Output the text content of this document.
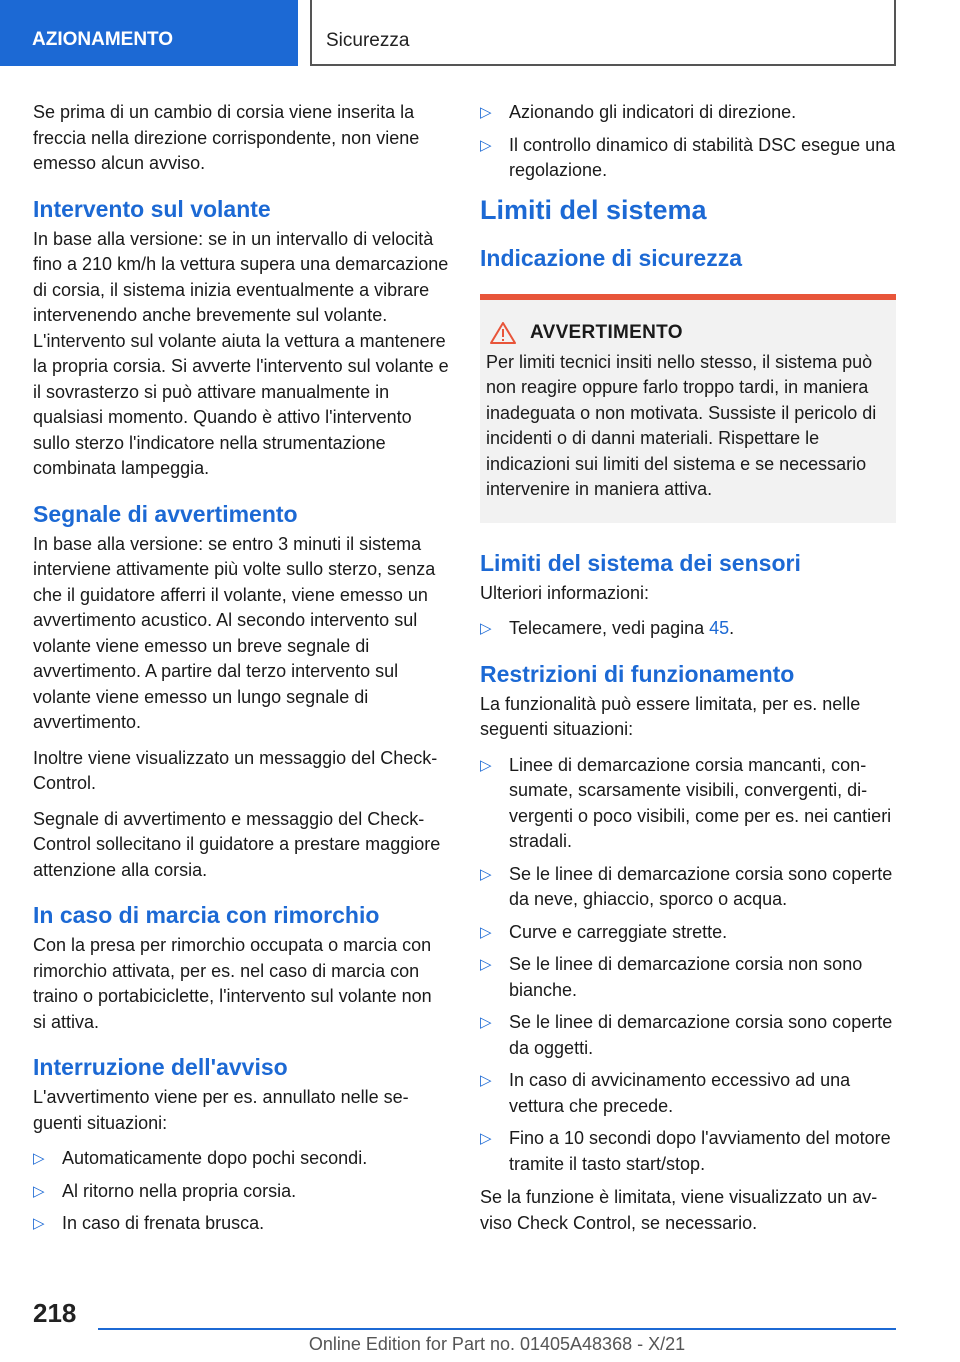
AZIONAMENTO	Sicurezza

Se prima di un cambio di corsia viene inserita la freccia nella direzione corrispondente, non viene emesso alcun avviso.

Intervento sul volante

In base alla versione: se in un intervallo di velocità fino a 210 km/h la vettura supera una demarcazione di corsia, il sistema inizia eventualmente a vibrare intervenendo anche brevemente sul volante. L'intervento sul volante aiuta la vettura a mantenere la propria corsia. Si avverte l'intervento sul volante e il sovrasterzo si può attivare manualmente in qualsiasi momento. Quando è attivo l'intervento sullo sterzo l'indicatore nella strumentazione combinata lampeggia.

Segnale di avvertimento

In base alla versione: se entro 3 minuti il sistema interviene attivamente più volte sullo sterzo, senza che il guidatore afferri il volante, viene emesso un avvertimento acustico. Al secondo intervento sul volante viene emesso un breve segnale di avvertimento. A partire dal terzo intervento sul volante viene emesso un lungo segnale di avvertimento.

Inoltre viene visualizzato un messaggio del Check-Control.

Segnale di avvertimento e messaggio del Check-Control sollecitano il guidatore a prestare maggiore attenzione alla corsia.

In caso di marcia con rimorchio

Con la presa per rimorchio occupata o marcia con rimorchio attivata, per es. nel caso di marcia con traino o portabiciclette, l'intervento sul volante non si attiva.

Interruzione dell'avviso

L'avvertimento viene per es. annullato nelle seguenti situazioni:

▷ Automaticamente dopo pochi secondi.
▷ Al ritorno nella propria corsia.
▷ In caso di frenata brusca.
▷ Azionando gli indicatori di direzione.
▷ Il controllo dinamico di stabilità DSC esegue una regolazione.
Limiti del sistema
Indicazione di sicurezza
AVVERTIMENTO

Per limiti tecnici insiti nello stesso, il sistema può non reagire oppure farlo troppo tardi, in maniera inadeguata o non motivata. Sussiste il pericolo di incidenti o di danni materiali. Rispettare le indicazioni sui limiti del sistema e se necessario intervenire in maniera attiva.

Limiti del sistema dei sensori

Ulteriori informazioni:

▷ Telecamere, vedi pagina 45.
Restrizioni di funzionamento

La funzionalità può essere limitata, per es. nelle seguenti situazioni:

▷ Linee di demarcazione corsia mancanti, consumate, scarsamente visibili, convergenti, divergenti o poco visibili, come per es. nei cantieri stradali.
▷ Se le linee di demarcazione corsia sono coperte da neve, ghiaccio, sporco o acqua.
▷ Curve e carreggiate strette.
▷ Se le linee di demarcazione corsia non sono bianche.
▷ Se le linee di demarcazione corsia sono coperte da oggetti.
▷ In caso di avvicinamento eccessivo ad una vettura che precede.
▷ Fino a 10 secondi dopo l'avviamento del motore tramite il tasto start/stop.

Se la funzione è limitata, viene visualizzato un avviso Check Control, se necessario.

218
Online Edition for Part no. 01405A48368 - X/21
